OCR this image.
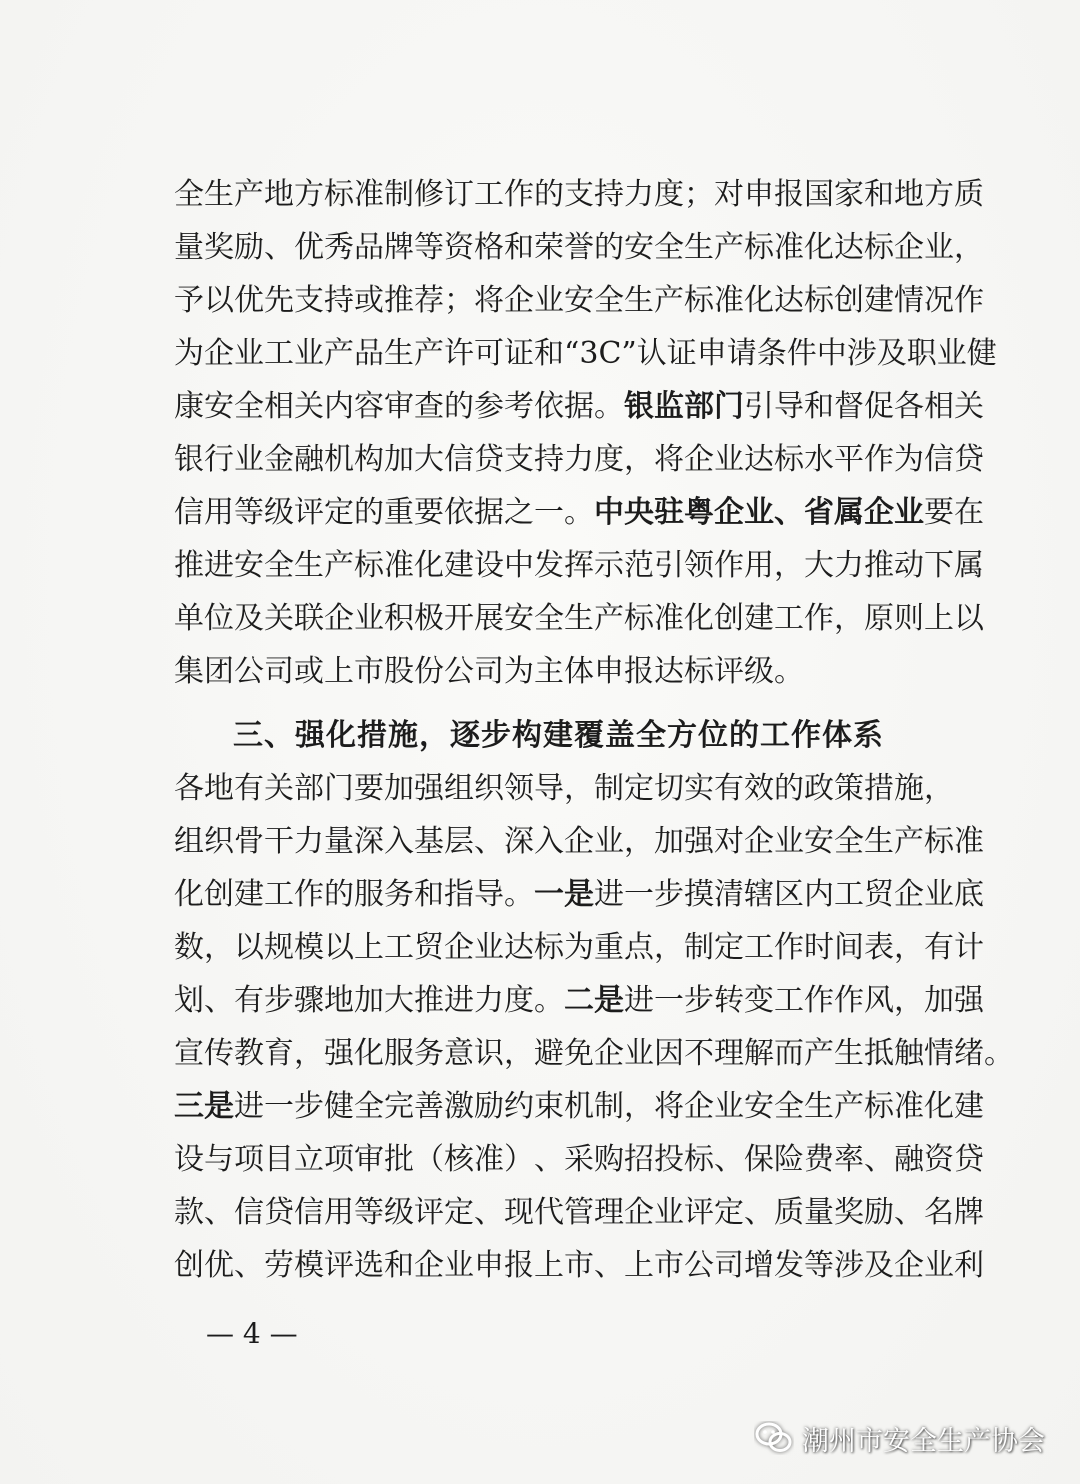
全 生 产 地 方 标 准 制 修 订 工 作 的 支 持 力 度 ； 对 申 报 国 家 和 地 方 质
量 奖 励 、 优 秀 品 牌 等 资 格 和 荣 誉 的 安 全 生 产 标 准 化 达 标 企 业 ，
予 以 优 先 支 持 或 推 荐 ； 将 企 业 安 全 生 产 标 准 化 达 标 创 建 情 况 作
为 企 业 工 业 产 品 生 产 许 可 证 和 “ 3 C ” 认 证 申 请 条 件 中 涉 及 职 业 健
康 安 全 相 关 内 容 审 查 的 参 考 依 据 。 银 监 部 门 引 导 和 督 促 各 相 关
银 行 业 金 融 机 构 加 大 信 贷 支 持 力 度 ， 将 企 业 达 标 水 平 作 为 信 贷
信 用 等 级 评 定 的 重 要 依 据 之 一 。 中 央 驻 粤 企 业 、 省 属 企 业 要 在
推 进 安 全 生 产 标 准 化 建 设 中 发 挥 示 范 引 领 作 用 ， 大 力 推 动 下 属
单 位 及 关 联 企 业 积 极 开 展 安 全 生 产 标 准 化 创 建 工 作 ， 原 则 上 以
集 团 公 司 或 上 市 股 份 公 司 为 主 体 申 报 达 标 评 级 。
三、强化措施，逐步构建覆盖全方位的工作体系
各 地 有 关 部 门 要 加 强 组 织 领 导 ， 制 定 切 实 有 效 的 政 策 措 施 ，
组 织 骨 干 力 量 深 入 基 层 、 深 入 企 业 ， 加 强 对 企 业 安 全 生 产 标 准
化 创 建 工 作 的 服 务 和 指 导 。 一 是 进 一 步 摸 清 辖 区 内 工 贸 企 业 底
数 ， 以 规 模 以 上 工 贸 企 业 达 标 为 重 点 ， 制 定 工 作 时 间 表 ， 有 计
划 、 有 步 骤 地 加 大 推 进 力 度 。 二 是 进 一 步 转 变 工 作 作 风 ， 加 强
宣 传 教 育 ， 强 化 服 务 意 识 ， 避 免 企 业 因 不 理 解 而 产 生 抵 触 情 绪 。
三 是 进 一 步 健 全 完 善 激 励 约 束 机 制 ， 将 企 业 安 全 生 产 标 准 化 建
设 与 项 目 立 项 审 批 （ 核 准 ） 、 采 购 招 投 标 、 保 险 费 率 、 融 资 贷
款 、 信 贷 信 用 等 级 评 定 、 现 代 管 理 企 业 评 定 、 质 量 奖 励 、 名 牌
创 优 、 劳 模 评 选 和 企 业 申 报 上 市 、 上 市 公 司 增 发 等 涉 及 企 业 利
— 4 —
潮州市安全生产协会
